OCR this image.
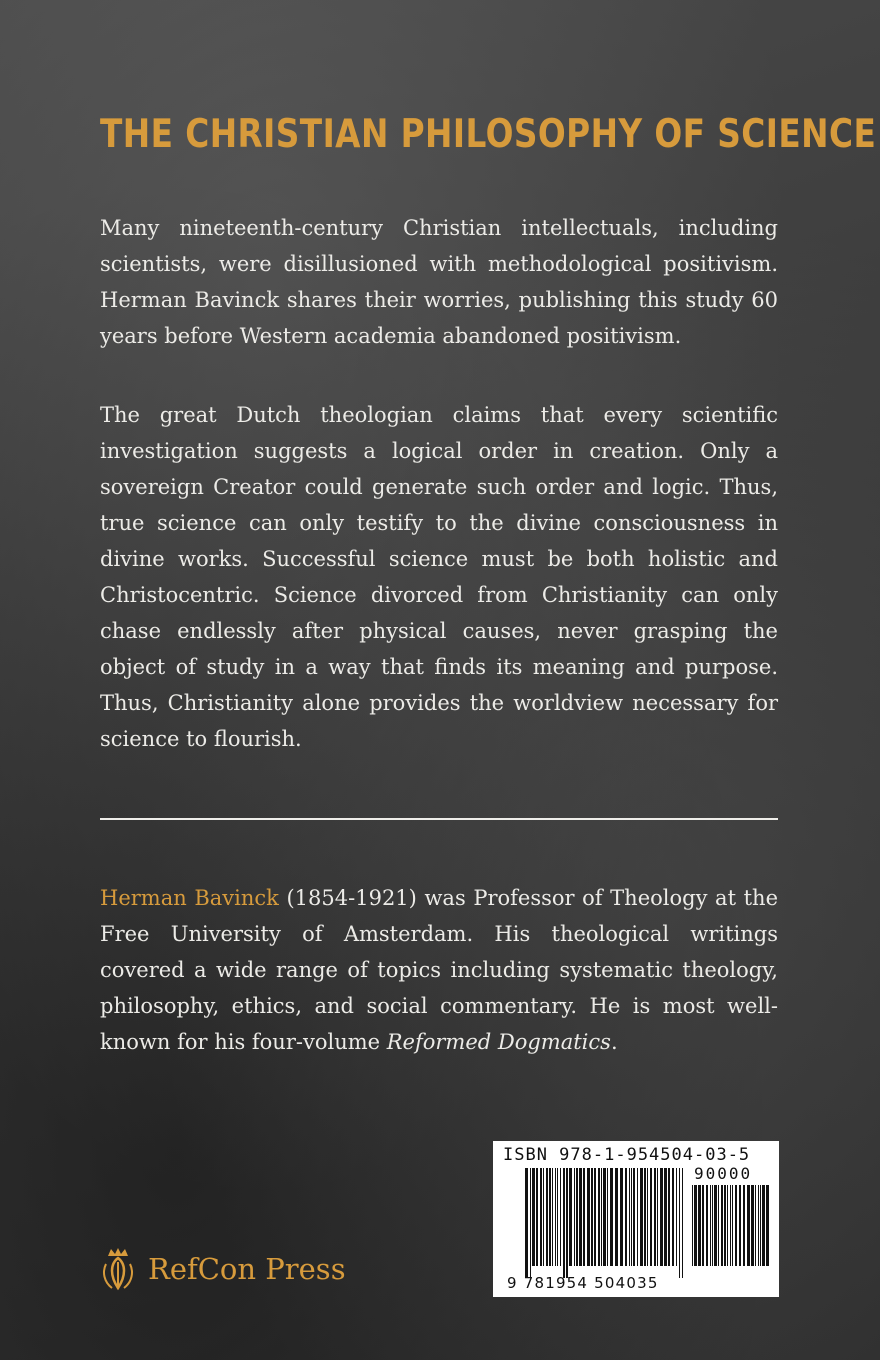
THE CHRISTIAN PHILOSOPHY OF SCIENCE

Many nineteenth-century Christian intellectuals, including scientists, were disillusioned with methodological positivism. Herman Bavinck shares their worries, publishing this study 60 years before Western academia abandoned positivism.

The great Dutch theologian claims that every scientific investigation suggests a logical order in creation. Only a sovereign Creator could generate such order and logic. Thus, true science can only testify to the divine consciousness in divine works. Successful science must be both holistic and Christocentric. Science divorced from Christianity can only chase endlessly after physical causes, never grasping the object of study in a way that finds its meaning and purpose. Thus, Christianity alone provides the worldview necessary for science to flourish.

Herman Bavinck (1854-1921) was Professor of Theology at the Free University of Amsterdam. His theological writings covered a wide range of topics including systematic theology, philosophy, ethics, and social commentary. He is most well-known for his four-volume Reformed Dogmatics.

ISBN 978-1-954504-03-5
90000
9 781954 504035
RefCon Press
